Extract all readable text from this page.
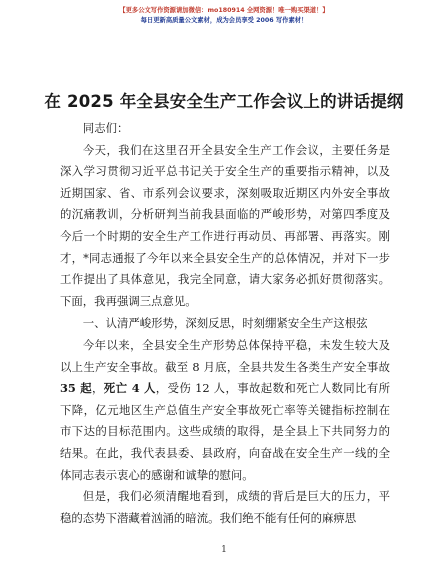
【更多公文写作资源请加微信：mo180914 全网资源！唯一购买渠道！】
每日更新高质量公文素材，成为会员享受 2006 写作素材！
在 2025 年全县安全生产工作会议上的讲话提纲

同志们：

今天，我们在这里召开全县安全生产工作会议，主要任务是深入学习贯彻习近平总书记关于安全生产的重要指示精神，以及近期国家、省、市系列会议要求，深刻吸取近期区内外安全事故的沉痛教训，分析研判当前我县面临的严峻形势，对第四季度及今后一个时期的安全生产工作进行再动员、再部署、再落实。刚才，*同志通报了今年以来全县安全生产的总体情况，并对下一步工作提出了具体意见，我完全同意，请大家务必抓好贯彻落实。下面，我再强调三点意见。

一、认清严峻形势，深刻反思，时刻绷紧安全生产这根弦

今年以来，全县安全生产形势总体保持平稳，未发生较大及以上生产安全事故。截至 8 月底，全县共发生各类生产安全事故 35 起，死亡 4 人，受伤 12 人，事故起数和死亡人数同比有所下降，亿元地区生产总值生产安全事故死亡率等关键指标控制在市下达的目标范围内。这些成绩的取得，是全县上下共同努力的结果。在此，我代表县委、县政府，向奋战在安全生产一线的全体同志表示衷心的感谢和诚挚的慰问。

但是，我们必须清醒地看到，成绩的背后是巨大的压力，平稳的态势下潜藏着汹涌的暗流。我们绝不能有任何的麻痹思

1
